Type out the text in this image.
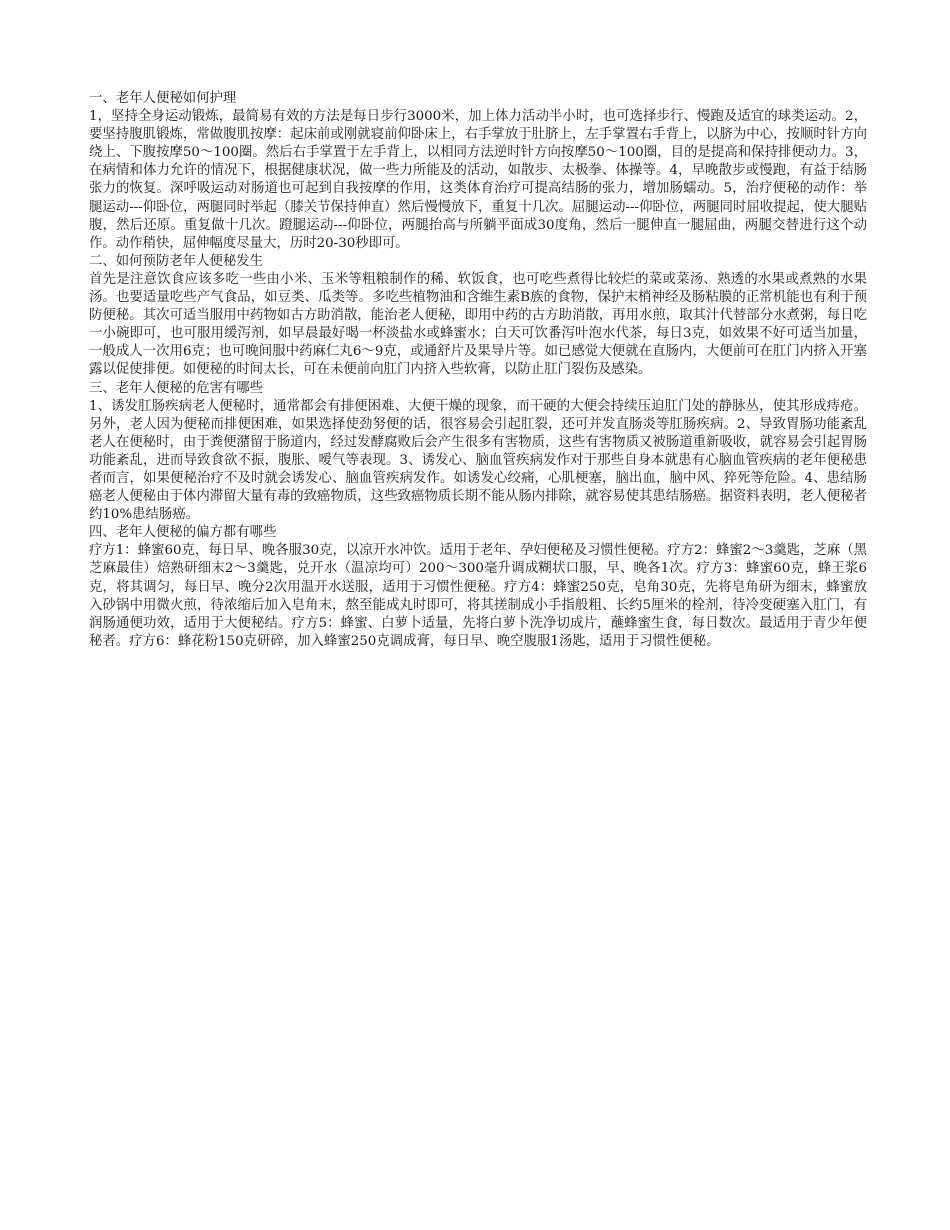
一、老年人便秘如何护理

1，坚持全身运动锻炼，最简易有效的方法是每日步行3000米，加上体力活动半小时，也可选择步行、慢跑及适宜的球类运动。2，要坚持腹肌锻炼，常做腹肌按摩：起床前或刚就寝前仰卧床上，右手掌放于肚脐上，左手掌置右手背上，以脐为中心，按顺时针方向绕上、下腹按摩50～100圈。然后右手掌置于左手背上，以相同方法逆时针方向按摩50～100圈，目的是提高和保持排便动力。3，在病情和体力允许的情况下，根据健康状况，做一些力所能及的活动，如散步、太极拳、体操等。4，早晚散步或慢跑，有益于结肠张力的恢复。深呼吸运动对肠道也可起到自我按摩的作用，这类体育治疗可提高结肠的张力，增加肠蠕动。5，治疗便秘的动作：举腿运动---仰卧位，两腿同时举起（膝关节保持伸直）然后慢慢放下，重复十几次。屈腿运动---仰卧位，两腿同时屈收提起，使大腿贴腹，然后还原。重复做十几次。蹬腿运动---仰卧位，两腿抬高与所躺平面成30度角，然后一腿伸直一腿屈曲，两腿交替进行这个动作。动作稍快，屈伸幅度尽量大，历时20-30秒即可。

二、如何预防老年人便秘发生

首先是注意饮食应该多吃一些由小米、玉米等粗粮制作的稀、软饭食，也可吃些煮得比较烂的菜或菜汤、熟透的水果或煮熟的水果汤。也要适量吃些产气食品，如豆类、瓜类等。多吃些植物油和含维生素B族的食物，保护末梢神经及肠粘膜的正常机能也有利于预防便秘。其次可适当服用中药物如古方助消散，能治老人便秘，即用中药的古方助消散，再用水煎，取其汁代替部分水煮粥，每日吃一小碗即可，也可服用缓泻剂，如早晨最好喝一杯淡盐水或蜂蜜水；白天可饮番泻叶泡水代茶，每日3克，如效果不好可适当加量，一般成人一次用6克；也可晚间服中药麻仁丸6～9克，或通舒片及果导片等。如已感觉大便就在直肠内，大便前可在肛门内挤入开塞露以促使排便。如便秘的时间太长，可在未便前向肛门内挤入些软膏，以防止肛门裂伤及感染。

三、老年人便秘的危害有哪些

1、诱发肛肠疾病老人便秘时，通常都会有排便困难、大便干燥的现象，而干硬的大便会持续压迫肛门处的静脉丛，使其形成痔疮。另外，老人因为便秘而排便困难，如果选择使劲努便的话，很容易会引起肛裂，还可并发直肠炎等肛肠疾病。2、导致胃肠功能紊乱老人在便秘时，由于粪便潴留于肠道内，经过发酵腐败后会产生很多有害物质，这些有害物质又被肠道重新吸收，就容易会引起胃肠功能紊乱，进而导致食欲不振，腹胀、嗳气等表现。3、诱发心、脑血管疾病发作对于那些自身本就患有心脑血管疾病的老年便秘患者而言，如果便秘治疗不及时就会诱发心、脑血管疾病发作。如诱发心绞痛，心肌梗塞，脑出血，脑中风、猝死等危险。4、患结肠癌老人便秘由于体内滞留大量有毒的致癌物质，这些致癌物质长期不能从肠内排除，就容易使其患结肠癌。据资料表明，老人便秘者约10%患结肠癌。

四、老年人便秘的偏方都有哪些

疗方1：蜂蜜60克，每日早、晚各服30克，以凉开水冲饮。适用于老年、孕妇便秘及习惯性便秘。疗方2：蜂蜜2～3羹匙，芝麻（黑芝麻最佳）焙熟研细末2～3羹匙，兑开水（温凉均可）200～300毫升调成糊状口服，早、晚各1次。疗方3：蜂蜜60克，蜂王浆6克，将其调匀，每日早、晚分2次用温开水送服，适用于习惯性便秘。疗方4：蜂蜜250克，皂角30克，先将皂角研为细末，蜂蜜放入砂锅中用微火煎，待浓缩后加入皂角末，熬至能成丸时即可，将其搓制成小手指般粗、长约5厘米的栓剂，待冷变硬塞入肛门，有润肠通便功效，适用于大便秘结。疗方5：蜂蜜、白萝卜适量，先将白萝卜洗净切成片，蘸蜂蜜生食，每日数次。最适用于青少年便秘者。疗方6：蜂花粉150克研碎，加入蜂蜜250克调成膏，每日早、晚空腹服1汤匙，适用于习惯性便秘。
